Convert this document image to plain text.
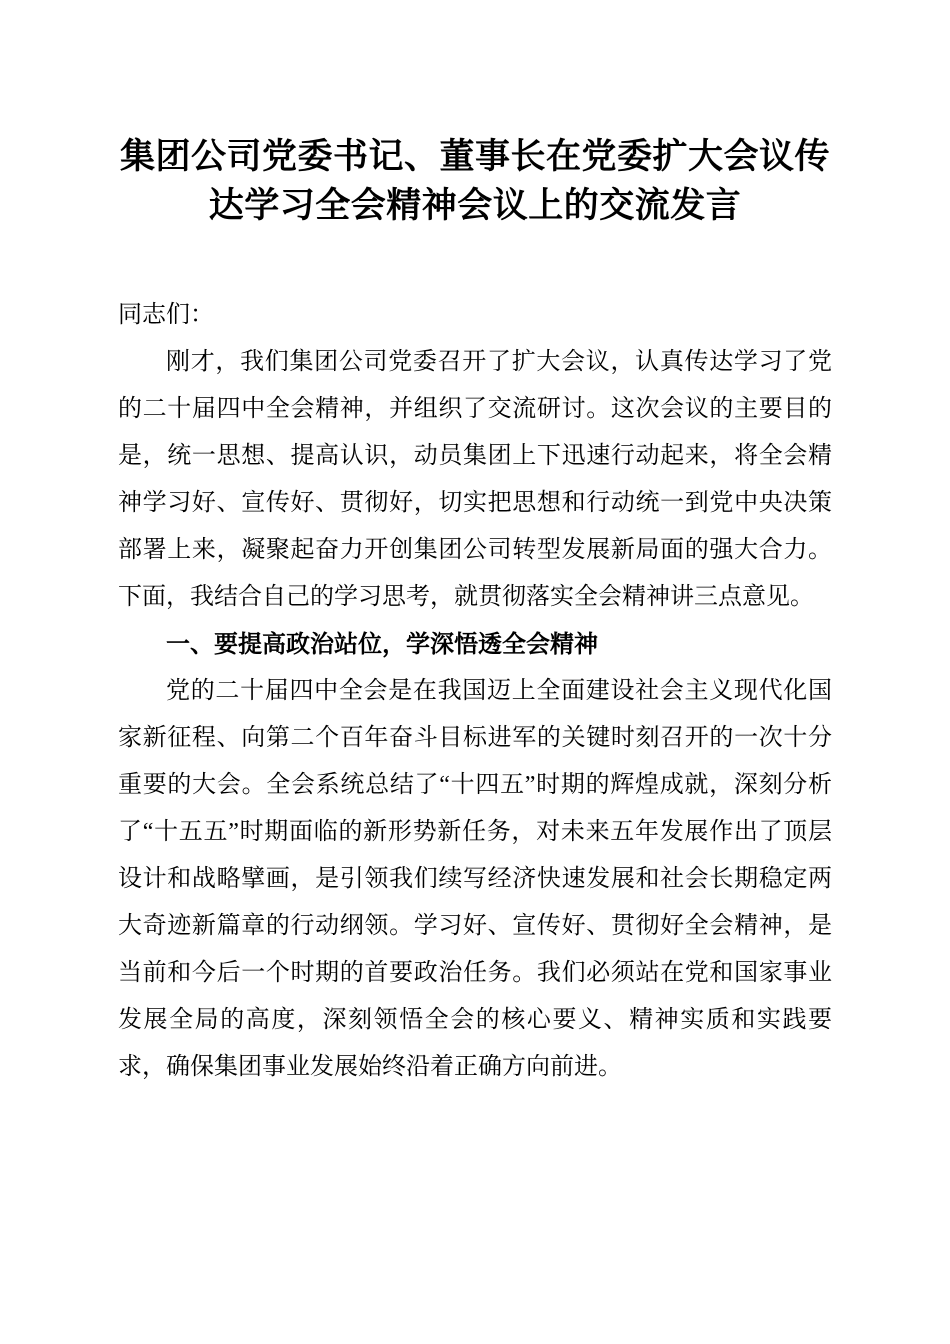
集团公司党委书记、董事长在党委扩大会议传达学习全会精神会议上的交流发言

同志们：

刚才，我们集团公司党委召开了扩大会议，认真传达学习了党的二十届四中全会精神，并组织了交流研讨。这次会议的主要目的是，统一思想、提高认识，动员集团上下迅速行动起来，将全会精神学习好、宣传好、贯彻好，切实把思想和行动统一到党中央决策部署上来，凝聚起奋力开创集团公司转型发展新局面的强大合力。下面，我结合自己的学习思考，就贯彻落实全会精神讲三点意见。

一、要提高政治站位，学深悟透全会精神

党的二十届四中全会是在我国迈上全面建设社会主义现代化国家新征程、向第二个百年奋斗目标进军的关键时刻召开的一次十分重要的大会。全会系统总结了“十四五”时期的辉煌成就，深刻分析了“十五五”时期面临的新形势新任务，对未来五年发展作出了顶层设计和战略擘画，是引领我们续写经济快速发展和社会长期稳定两大奇迹新篇章的行动纲领。学习好、宣传好、贯彻好全会精神，是当前和今后一个时期的首要政治任务。我们必须站在党和国家事业发展全局的高度，深刻领悟全会的核心要义、精神实质和实践要求，确保集团事业发展始终沿着正确方向前进。
